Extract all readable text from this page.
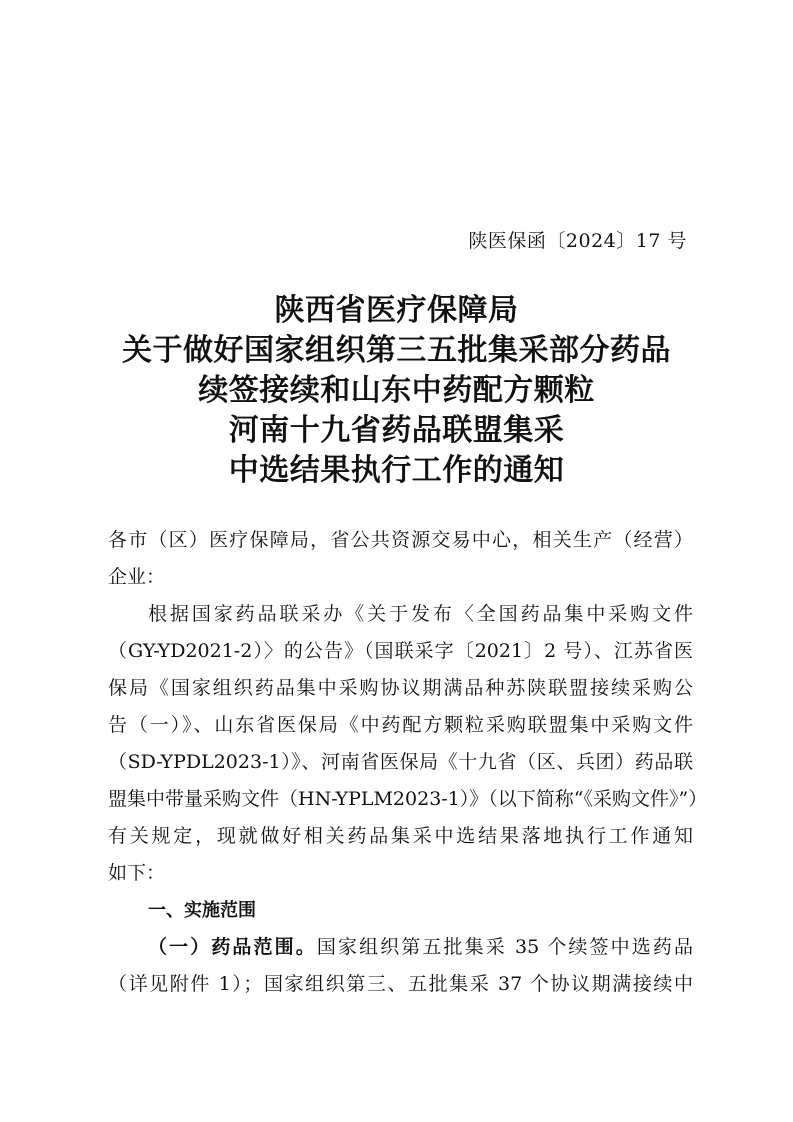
陕医保函〔2024〕17 号
陕西省医疗保障局
关于做好国家组织第三五批集采部分药品
续签接续和山东中药配方颗粒
河南十九省药品联盟集采
中选结果执行工作的通知
各市（区）医疗保障局，省公共资源交易中心，相关生产（经营）
企业：
根据国家药品联采办《关于发布〈全国药品集中采购文件
（GY-YD2021-2）〉的公告》（国联采字〔2021〕2 号）、江苏省医
保局《国家组织药品集中采购协议期满品种苏陕联盟接续采购公
告（一）》、山东省医保局《中药配方颗粒采购联盟集中采购文件
（SD-YPDL2023-1）》、河南省医保局《十九省（区、兵团）药品联
盟集中带量采购文件（HN-YPLM2023-1）》（以下简称“《采购文件》”）
有关规定，现就做好相关药品集采中选结果落地执行工作通知
如下：
一、实施范围
（一）药品范围。国家组织第五批集采 35 个续签中选药品
（详见附件 1）；国家组织第三、五批集采 37 个协议期满接续中
